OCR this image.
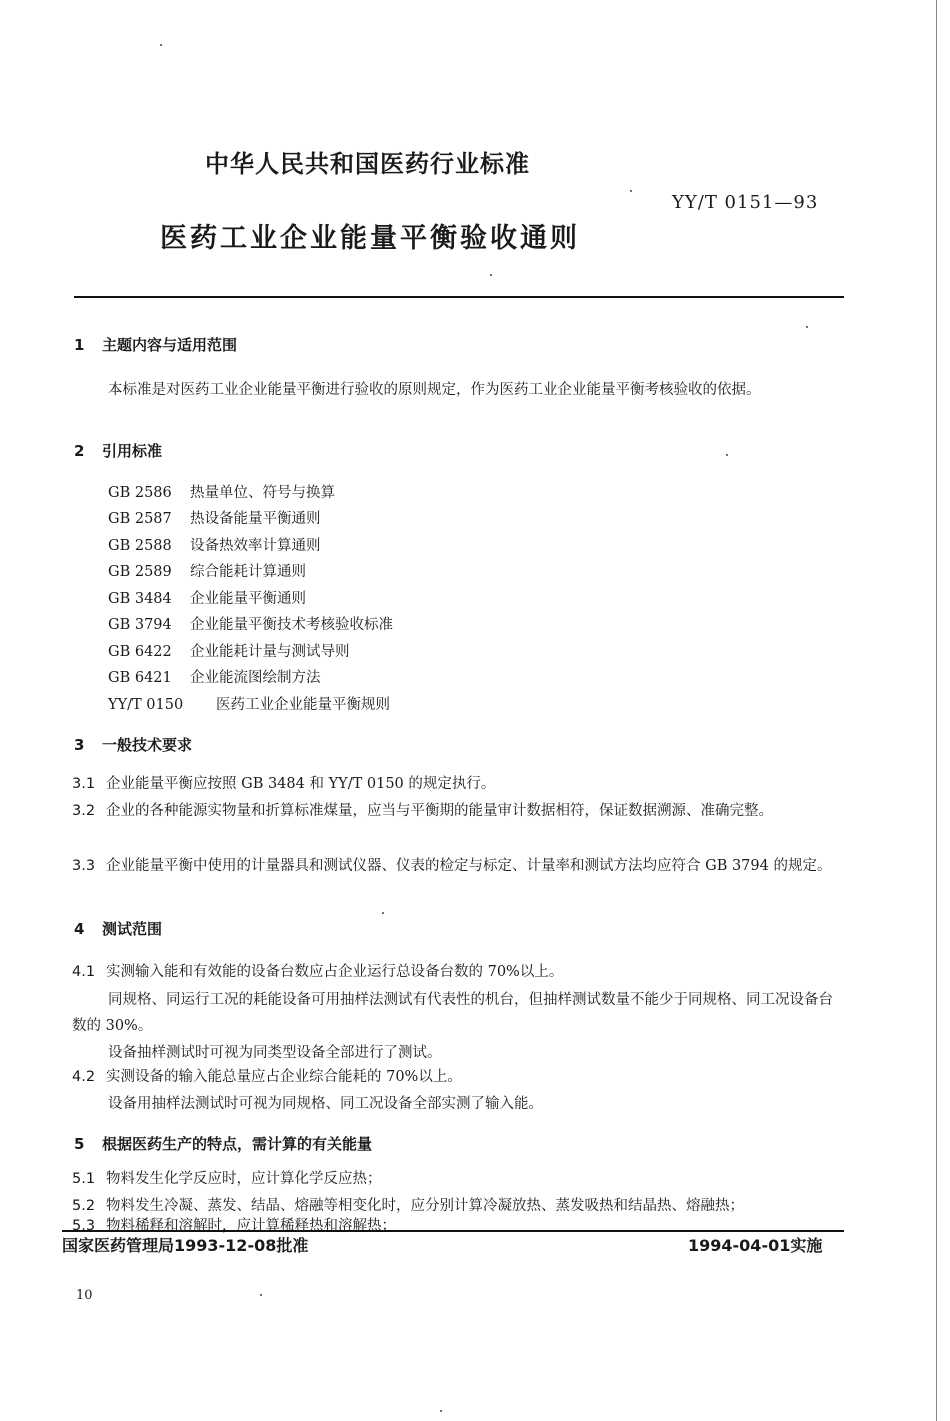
中华人民共和国医药行业标准
YY/T 0151—93
医药工业企业能量平衡验收通则
1 主题内容与适用范围
本标准是对医药工业企业能量平衡进行验收的原则规定，作为医药工业企业能量平衡考核验收的依据。
2 引用标准
GB 2586 热量单位、符号与换算
GB 2587 热设备能量平衡通则
GB 2588 设备热效率计算通则
GB 2589 综合能耗计算通则
GB 3484 企业能量平衡通则
GB 3794 企业能量平衡技术考核验收标准
GB 6422 企业能耗计量与测试导则
GB 6421 企业能流图绘制方法
YY/T 0150 医药工业企业能量平衡规则
3 一般技术要求
3.1 企业能量平衡应按照 GB 3484 和 YY/T 0150 的规定执行。
3.2 企业的各种能源实物量和折算标准煤量，应当与平衡期的能量审计数据相符，保证数据溯源、准确完整。
3.3 企业能量平衡中使用的计量器具和测试仪器、仪表的检定与标定、计量率和测试方法均应符合 GB 3794 的规定。
4 测试范围
4.1 实测输入能和有效能的设备台数应占企业运行总设备台数的 70%以上。
同规格、同运行工况的耗能设备可用抽样法测试有代表性的机台，但抽样测试数量不能少于同规格、同工况设备台数的 30%。
设备抽样测试时可视为同类型设备全部进行了测试。
4.2 实测设备的输入能总量应占企业综合能耗的 70%以上。
设备用抽样法测试时可视为同规格、同工况设备全部实测了输入能。
5 根据医药生产的特点，需计算的有关能量
5.1 物料发生化学反应时，应计算化学反应热；
5.2 物料发生冷凝、蒸发、结晶、熔融等相变化时，应分别计算冷凝放热、蒸发吸热和结晶热、熔融热；
5.3 物料稀释和溶解时，应计算稀释热和溶解热；
国家医药管理局1993-12-08批准	1994-04-01实施
10
